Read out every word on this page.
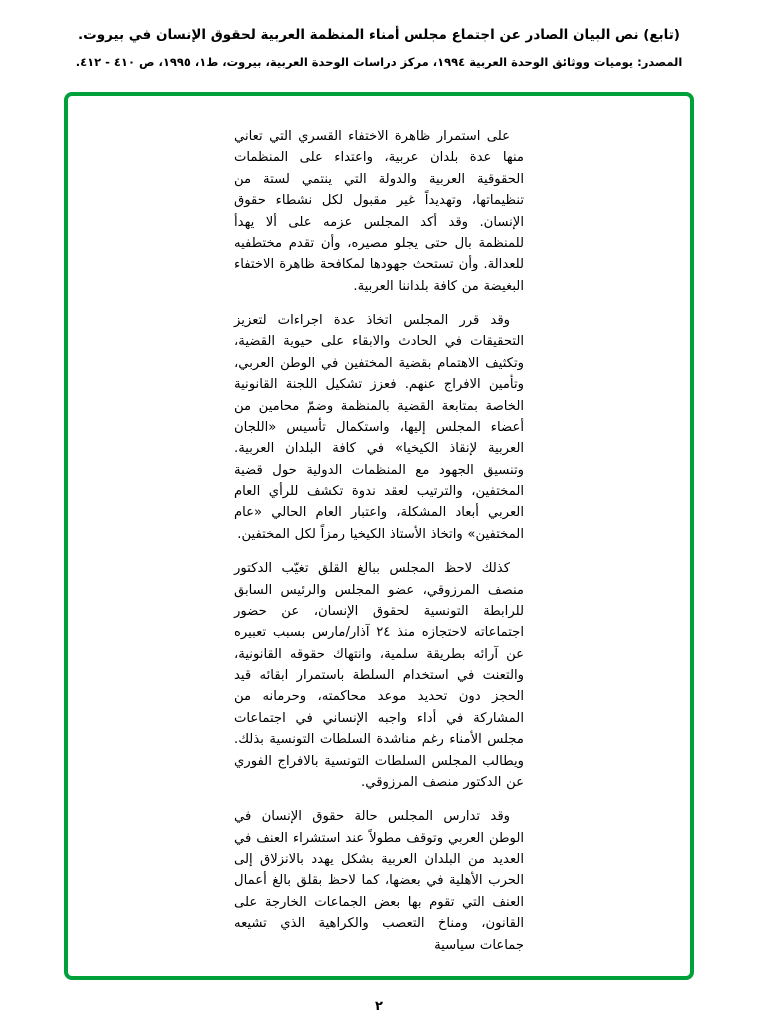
(تابع) نص البيان الصادر عن اجتماع مجلس أمناء المنظمة العربية لحقوق الإنسان في بيروت.
المصدر: يوميات ووثائق الوحدة العربية ١٩٩٤، مركز دراسات الوحدة العربية، بيروت، ط١، ١٩٩٥، ص ٤١٠ - ٤١٢.

على استمرار ظاهرة الاختفاء القسري التي تعاني منها عدة بلدان عربية، واعتداء على المنظمات الحقوقية العربية والدولة التي ينتمي لستة من تنظيماتها، وتهديداً غير مقبول لكل نشطاء حقوق الإنسان. وقد أكد المجلس عزمه على ألا يهدأ للمنظمة بال حتى يجلو مصيره، وأن تقدم مختطفيه للعدالة. وأن تستحث جهودها لمكافحة ظاهرة الاختفاء البغيضة من كافة بلداننا العربية.

وقد قرر المجلس اتخاذ عدة اجراءات لتعزيز التحقيقات في الحادث والابقاء على حيوية القضية، وتكثيف الاهتمام بقضية المختفين في الوطن العربي، وتأمين الافراج عنهم. فعزز تشكيل اللجنة القانونية الخاصة بمتابعة القضية بالمنظمة وضمّ محامين من أعضاء المجلس إليها، واستكمال تأسيس «اللجان العربية لإنقاذ الكيخيا» في كافة البلدان العربية. وتنسيق الجهود مع المنظمات الدولية حول قضية المختفين، والترتيب لعقد ندوة تكشف للرأي العام العربي أبعاد المشكلة، واعتبار العام الحالي «عام المختفين» واتخاذ الأستاذ الكيخيا رمزاً لكل المختفين.

كذلك لاحظ المجلس ببالغ القلق تغيّب الدكتور منصف المرزوقي، عضو المجلس والرئيس السابق للرابطة التونسية لحقوق الإنسان، عن حضور اجتماعاته لاحتجازه منذ ٢٤ آذار/مارس بسبب تعبيره عن آرائه بطريقة سلمية، وانتهاك حقوقه القانونية، والتعنت في استخدام السلطة باستمرار ابقائه قيد الحجز دون تحديد موعد محاكمته، وحرمانه من المشاركة في أداء واجبه الإنساني في اجتماعات مجلس الأمناء رغم مناشدة السلطات التونسية بذلك. ويطالب المجلس السلطات التونسية بالافراج الفوري عن الدكتور منصف المرزوقي.

وقد تدارس المجلس حالة حقوق الإنسان في الوطن العربي وتوقف مطولاً عند استشراء العنف في العديد من البلدان العربية بشكل يهدد بالانزلاق إلى الحرب الأهلية في بعضها، كما لاحظ بقلق بالغ أعمال العنف التي تقوم بها بعض الجماعات الخارجة على القانون، ومناخ التعصب والكراهية الذي تشيعه جماعات سياسية

٢
